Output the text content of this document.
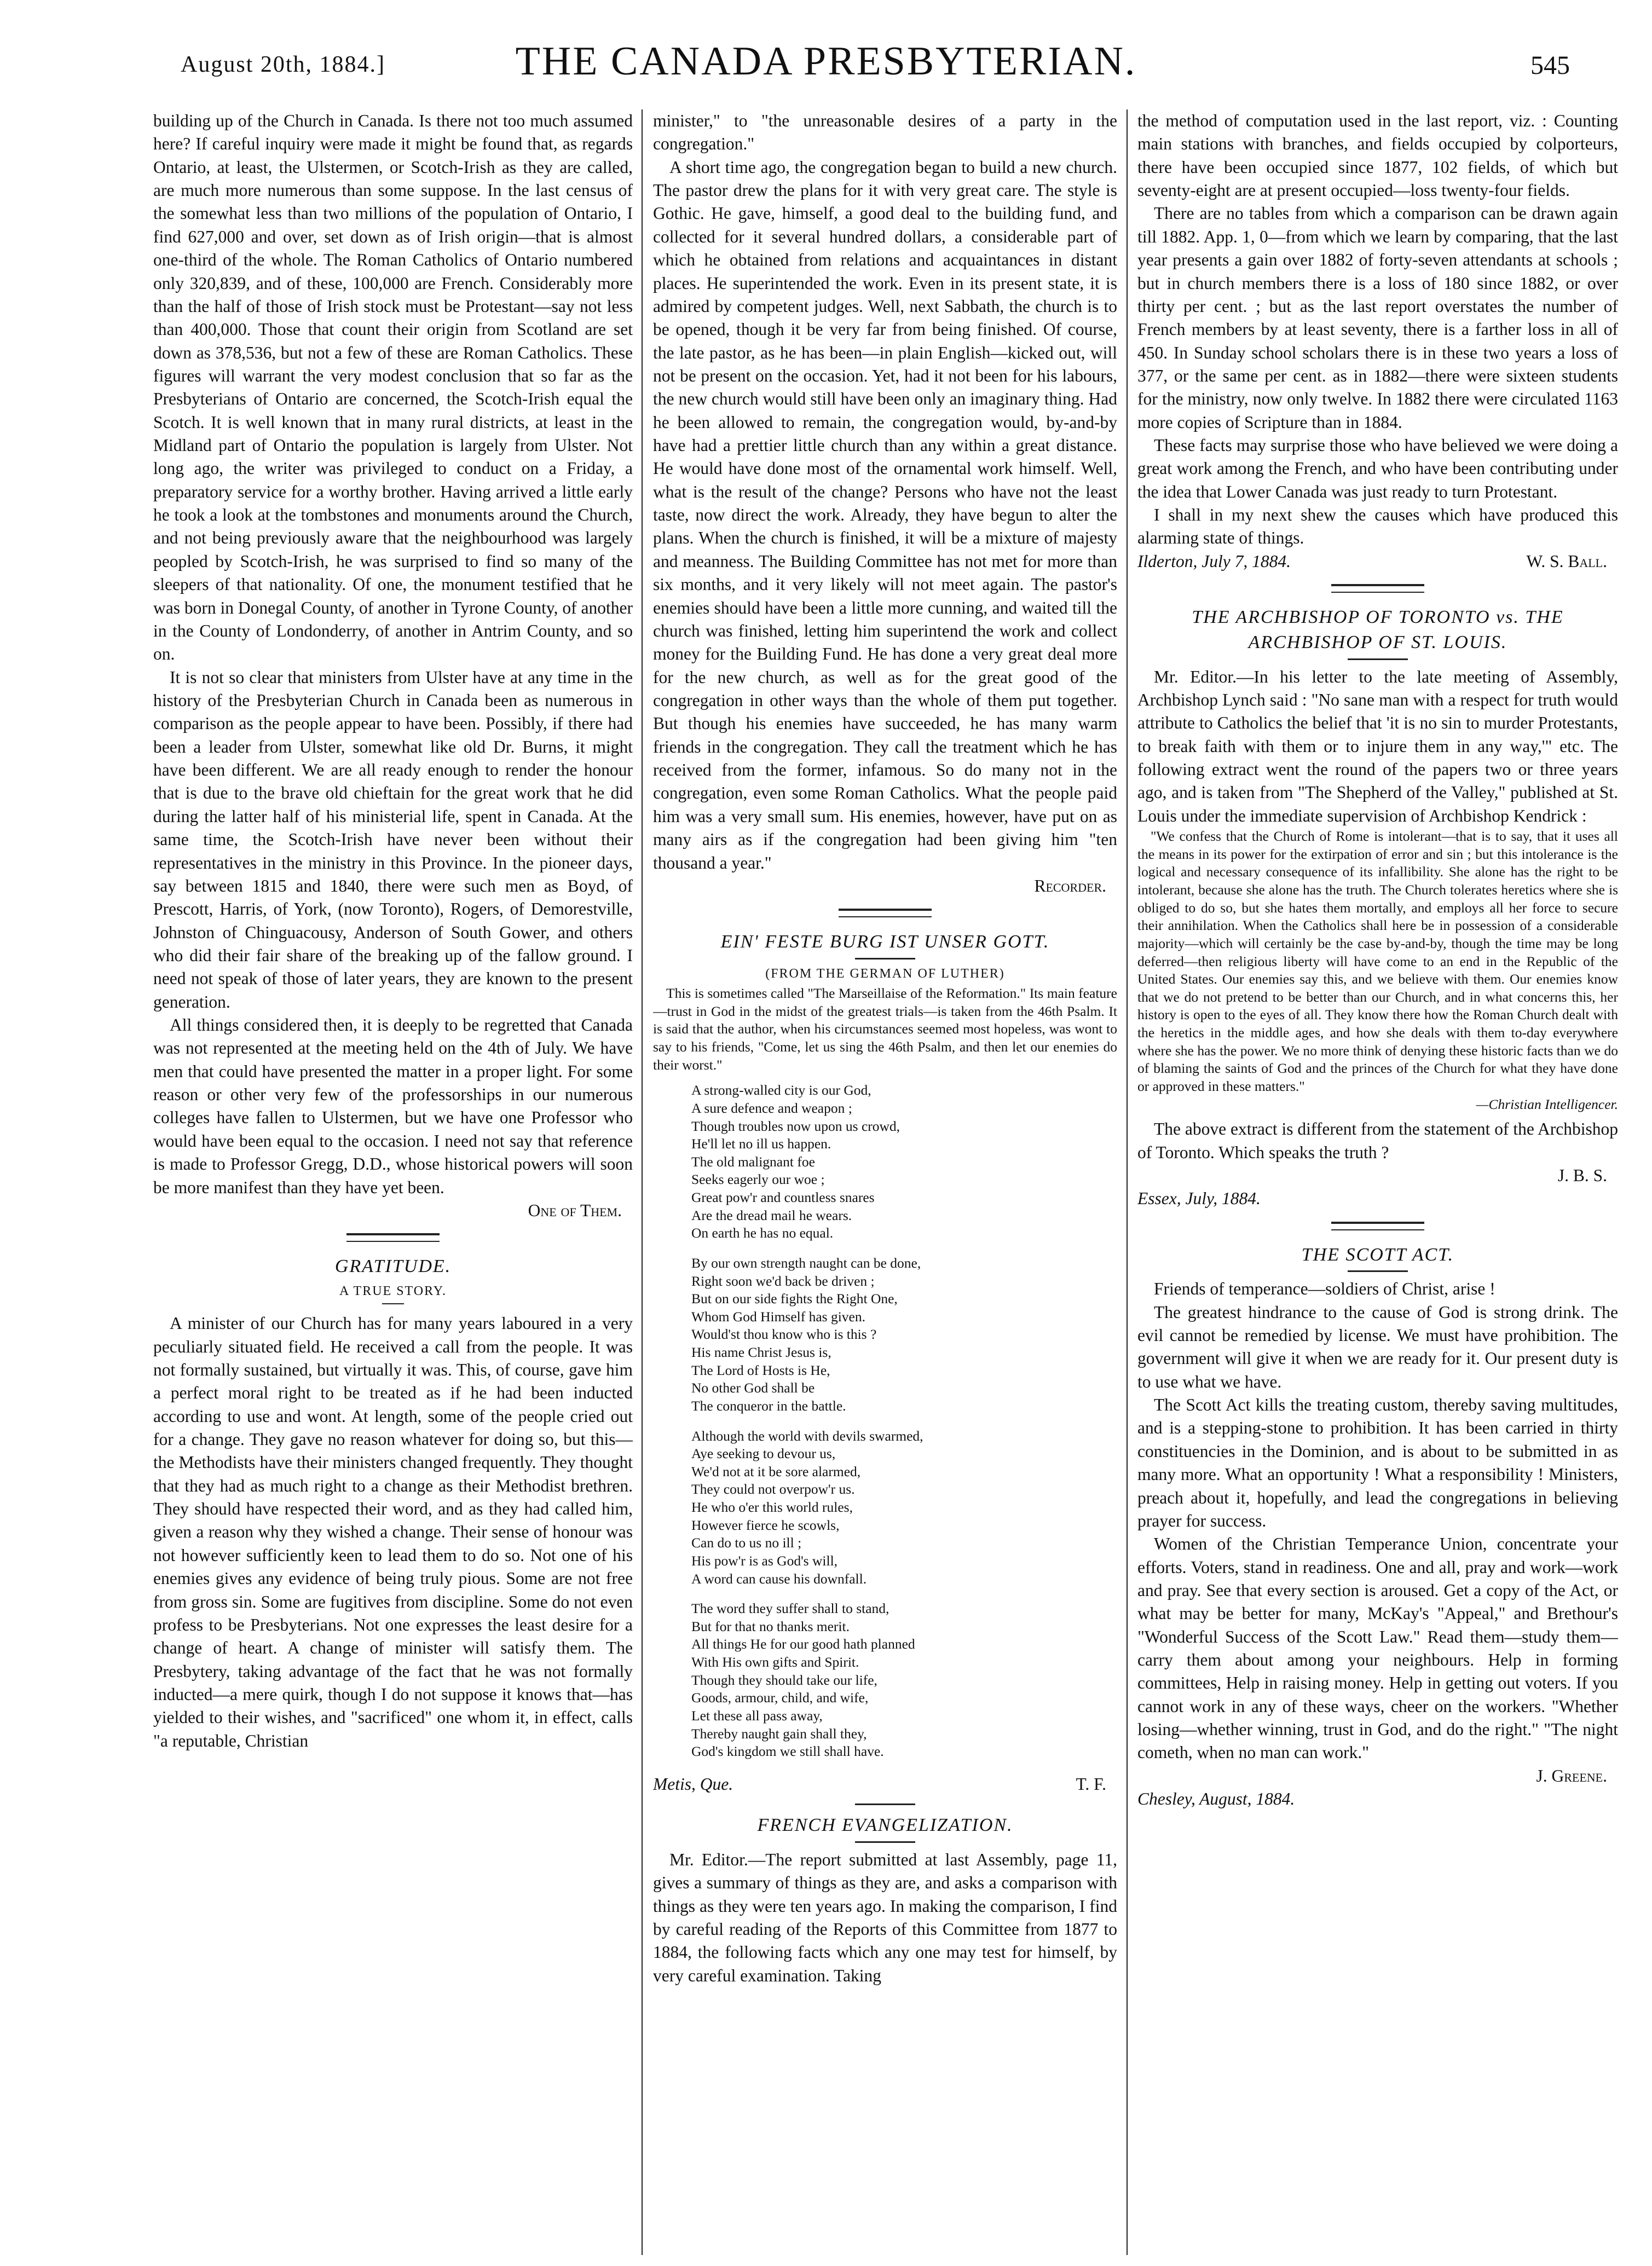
August 20th, 1884.]	THE CANADA PRESBYTERIAN.	545

building up of the Church in Canada. Is there not too much assumed here? If careful inquiry were made it might be found that, as regards Ontario, at least, the Ulstermen, or Scotch-Irish as they are called, are much more numerous than some suppose. In the last census of the somewhat less than two millions of the population of Ontario, I find 627,000 and over, set down as of Irish origin—that is almost one-third of the whole. The Roman Catholics of Ontario numbered only 320,839, and of these, 100,000 are French. Considerably more than the half of those of Irish stock must be Protestant—say not less than 400,000. Those that count their origin from Scotland are set down as 378,536, but not a few of these are Roman Catholics. These figures will warrant the very modest conclusion that so far as the Presbyterians of Ontario are concerned, the Scotch-Irish equal the Scotch. It is well known that in many rural districts, at least in the Midland part of Ontario the population is largely from Ulster. Not long ago, the writer was privileged to conduct on a Friday, a preparatory service for a worthy brother. Having arrived a little early he took a look at the tombstones and monuments around the Church, and not being previously aware that the neighbourhood was largely peopled by Scotch-Irish, he was surprised to find so many of the sleepers of that nationality. Of one, the monument testified that he was born in Donegal County, of another in Tyrone County, of another in the County of Londonderry, of another in Antrim County, and so on.

It is not so clear that ministers from Ulster have at any time in the history of the Presbyterian Church in Canada been as numerous in comparison as the people appear to have been. Possibly, if there had been a leader from Ulster, somewhat like old Dr. Burns, it might have been different. We are all ready enough to render the honour that is due to the brave old chieftain for the great work that he did during the latter half of his ministerial life, spent in Canada. At the same time, the Scotch-Irish have never been without their representatives in the ministry in this Province. In the pioneer days, say between 1815 and 1840, there were such men as Boyd, of Prescott, Harris, of York, (now Toronto), Rogers, of Demorestville, Johnston of Chinguacousy, Anderson of South Gower, and others who did their fair share of the breaking up of the fallow ground. I need not speak of those of later years, they are known to the present generation.

All things considered then, it is deeply to be regretted that Canada was not represented at the meeting held on the 4th of July. We have men that could have presented the matter in a proper light. For some reason or other very few of the professorships in our numerous colleges have fallen to Ulstermen, but we have one Professor who would have been equal to the occasion. I need not say that reference is made to Professor Gregg, D.D., whose historical powers will soon be more manifest than they have yet been.

One of Them.
GRATITUDE.
A TRUE STORY.

A minister of our Church has for many years laboured in a very peculiarly situated field. He received a call from the people. It was not formally sustained, but virtually it was. This, of course, gave him a perfect moral right to be treated as if he had been inducted according to use and wont. At length, some of the people cried out for a change. They gave no reason whatever for doing so, but this—the Methodists have their ministers changed frequently. They thought that they had as much right to a change as their Methodist brethren. They should have respected their word, and as they had called him, given a reason why they wished a change. Their sense of honour was not however sufficiently keen to lead them to do so. Not one of his enemies gives any evidence of being truly pious. Some are not free from gross sin. Some are fugitives from discipline. Some do not even profess to be Presbyterians. Not one expresses the least desire for a change of heart. A change of minister will satisfy them. The Presbytery, taking advantage of the fact that he was not formally inducted—a mere quirk, though I do not suppose it knows that—has yielded to their wishes, and "sacrificed" one whom it, in effect, calls "a reputable, Christian

minister," to "the unreasonable desires of a party in the congregation."

A short time ago, the congregation began to build a new church. The pastor drew the plans for it with very great care. The style is Gothic. He gave, himself, a good deal to the building fund, and collected for it several hundred dollars, a considerable part of which he obtained from relations and acquaintances in distant places. He superintended the work. Even in its present state, it is admired by competent judges. Well, next Sabbath, the church is to be opened, though it be very far from being finished. Of course, the late pastor, as he has been—in plain English—kicked out, will not be present on the occasion. Yet, had it not been for his labours, the new church would still have been only an imaginary thing. Had he been allowed to remain, the congregation would, by-and-by have had a prettier little church than any within a great distance. He would have done most of the ornamental work himself. Well, what is the result of the change? Persons who have not the least taste, now direct the work. Already, they have begun to alter the plans. When the church is finished, it will be a mixture of majesty and meanness. The Building Committee has not met for more than six months, and it very likely will not meet again. The pastor's enemies should have been a little more cunning, and waited till the church was finished, letting him superintend the work and collect money for the Building Fund. He has done a very great deal more for the new church, as well as for the great good of the congregation in other ways than the whole of them put together. But though his enemies have succeeded, he has many warm friends in the congregation. They call the treatment which he has received from the former, infamous. So do many not in the congregation, even some Roman Catholics. What the people paid him was a very small sum. His enemies, however, have put on as many airs as if the congregation had been giving him "ten thousand a year."

Recorder.
EIN' FESTE BURG IST UNSER GOTT.
(FROM THE GERMAN OF LUTHER)

This is sometimes called "The Marseillaise of the Reformation." Its main feature—trust in God in the midst of the greatest trials—is taken from the 46th Psalm. It is said that the author, when his circumstances seemed most hopeless, was wont to say to his friends, "Come, let us sing the 46th Psalm, and then let our enemies do their worst."

A strong-walled city is our God,
A sure defence and weapon ;
Though troubles now upon us crowd,
He'll let no ill us happen.
The old malignant foe
Seeks eagerly our woe ;
Great pow'r and countless snares
Are the dread mail he wears.
On earth he has no equal.
By our own strength naught can be done,
Right soon we'd back be driven ;
But on our side fights the Right One,
Whom God Himself has given.
Would'st thou know who is this ?
His name Christ Jesus is,
The Lord of Hosts is He,
No other God shall be
The conqueror in the battle.
Although the world with devils swarmed,
Aye seeking to devour us,
We'd not at it be sore alarmed,
They could not overpow'r us.
He who o'er this world rules,
However fierce he scowls,
Can do to us no ill ;
His pow'r is as God's will,
A word can cause his downfall.
The word they suffer shall to stand,
But for that no thanks merit.
All things He for our good hath planned
With His own gifts and Spirit.
Though they should take our life,
Goods, armour, child, and wife,
Let these all pass away,
Thereby naught gain shall they,
God's kingdom we still shall have.
Metis, Que.	T. F.
FRENCH EVANGELIZATION.

Mr. Editor.—The report submitted at last Assembly, page 11, gives a summary of things as they are, and asks a comparison with things as they were ten years ago. In making the comparison, I find by careful reading of the Reports of this Committee from 1877 to 1884, the following facts which any one may test for himself, by very careful examination. Taking

the method of computation used in the last report, viz. : Counting main stations with branches, and fields occupied by colporteurs, there have been occupied since 1877, 102 fields, of which but seventy-eight are at present occupied—loss twenty-four fields.

There are no tables from which a comparison can be drawn again till 1882. App. 1, 0—from which we learn by comparing, that the last year presents a gain over 1882 of forty-seven attendants at schools ; but in church members there is a loss of 180 since 1882, or over thirty per cent. ; but as the last report overstates the number of French members by at least seventy, there is a farther loss in all of 450. In Sunday school scholars there is in these two years a loss of 377, or the same per cent. as in 1882—there were sixteen students for the ministry, now only twelve. In 1882 there were circulated 1163 more copies of Scripture than in 1884.

These facts may surprise those who have believed we were doing a great work among the French, and who have been contributing under the idea that Lower Canada was just ready to turn Protestant.

I shall in my next shew the causes which have produced this alarming state of things.

Ilderton, July 7, 1884.	W. S. Ball.
THE ARCHBISHOP OF TORONTO vs. THE
ARCHBISHOP OF ST. LOUIS.

Mr. Editor.—In his letter to the late meeting of Assembly, Archbishop Lynch said : "No sane man with a respect for truth would attribute to Catholics the belief that 'it is no sin to murder Protestants, to break faith with them or to injure them in any way,'" etc. The following extract went the round of the papers two or three years ago, and is taken from "The Shepherd of the Valley," published at St. Louis under the immediate supervision of Archbishop Kendrick :

"We confess that the Church of Rome is intolerant—that is to say, that it uses all the means in its power for the extirpation of error and sin ; but this intolerance is the logical and necessary consequence of its infallibility. She alone has the right to be intolerant, because she alone has the truth. The Church tolerates heretics where she is obliged to do so, but she hates them mortally, and employs all her force to secure their annihilation. When the Catholics shall here be in possession of a considerable majority—which will certainly be the case by-and-by, though the time may be long deferred—then religious liberty will have come to an end in the Republic of the United States. Our enemies say this, and we believe with them. Our enemies know that we do not pretend to be better than our Church, and in what concerns this, her history is open to the eyes of all. They know there how the Roman Church dealt with the heretics in the middle ages, and how she deals with them to-day everywhere where she has the power. We no more think of denying these historic facts than we do of blaming the saints of God and the princes of the Church for what they have done or approved in these matters."

—Christian Intelligencer.

The above extract is different from the statement of the Archbishop of Toronto. Which speaks the truth ?

J. B. S.
Essex, July, 1884.
THE SCOTT ACT.

Friends of temperance—soldiers of Christ, arise !

The greatest hindrance to the cause of God is strong drink. The evil cannot be remedied by license. We must have prohibition. The government will give it when we are ready for it. Our present duty is to use what we have.

The Scott Act kills the treating custom, thereby saving multitudes, and is a stepping-stone to prohibition. It has been carried in thirty constituencies in the Dominion, and is about to be submitted in as many more. What an opportunity ! What a responsibility ! Ministers, preach about it, hopefully, and lead the congregations in believing prayer for success.

Women of the Christian Temperance Union, concentrate your efforts. Voters, stand in readiness. One and all, pray and work—work and pray. See that every section is aroused. Get a copy of the Act, or what may be better for many, McKay's "Appeal," and Brethour's "Wonderful Success of the Scott Law." Read them—study them—carry them about among your neighbours. Help in forming committees, Help in raising money. Help in getting out voters. If you cannot work in any of these ways, cheer on the workers. "Whether losing—whether winning, trust in God, and do the right." "The night cometh, when no man can work."

J. Greene.
Chesley, August, 1884.
